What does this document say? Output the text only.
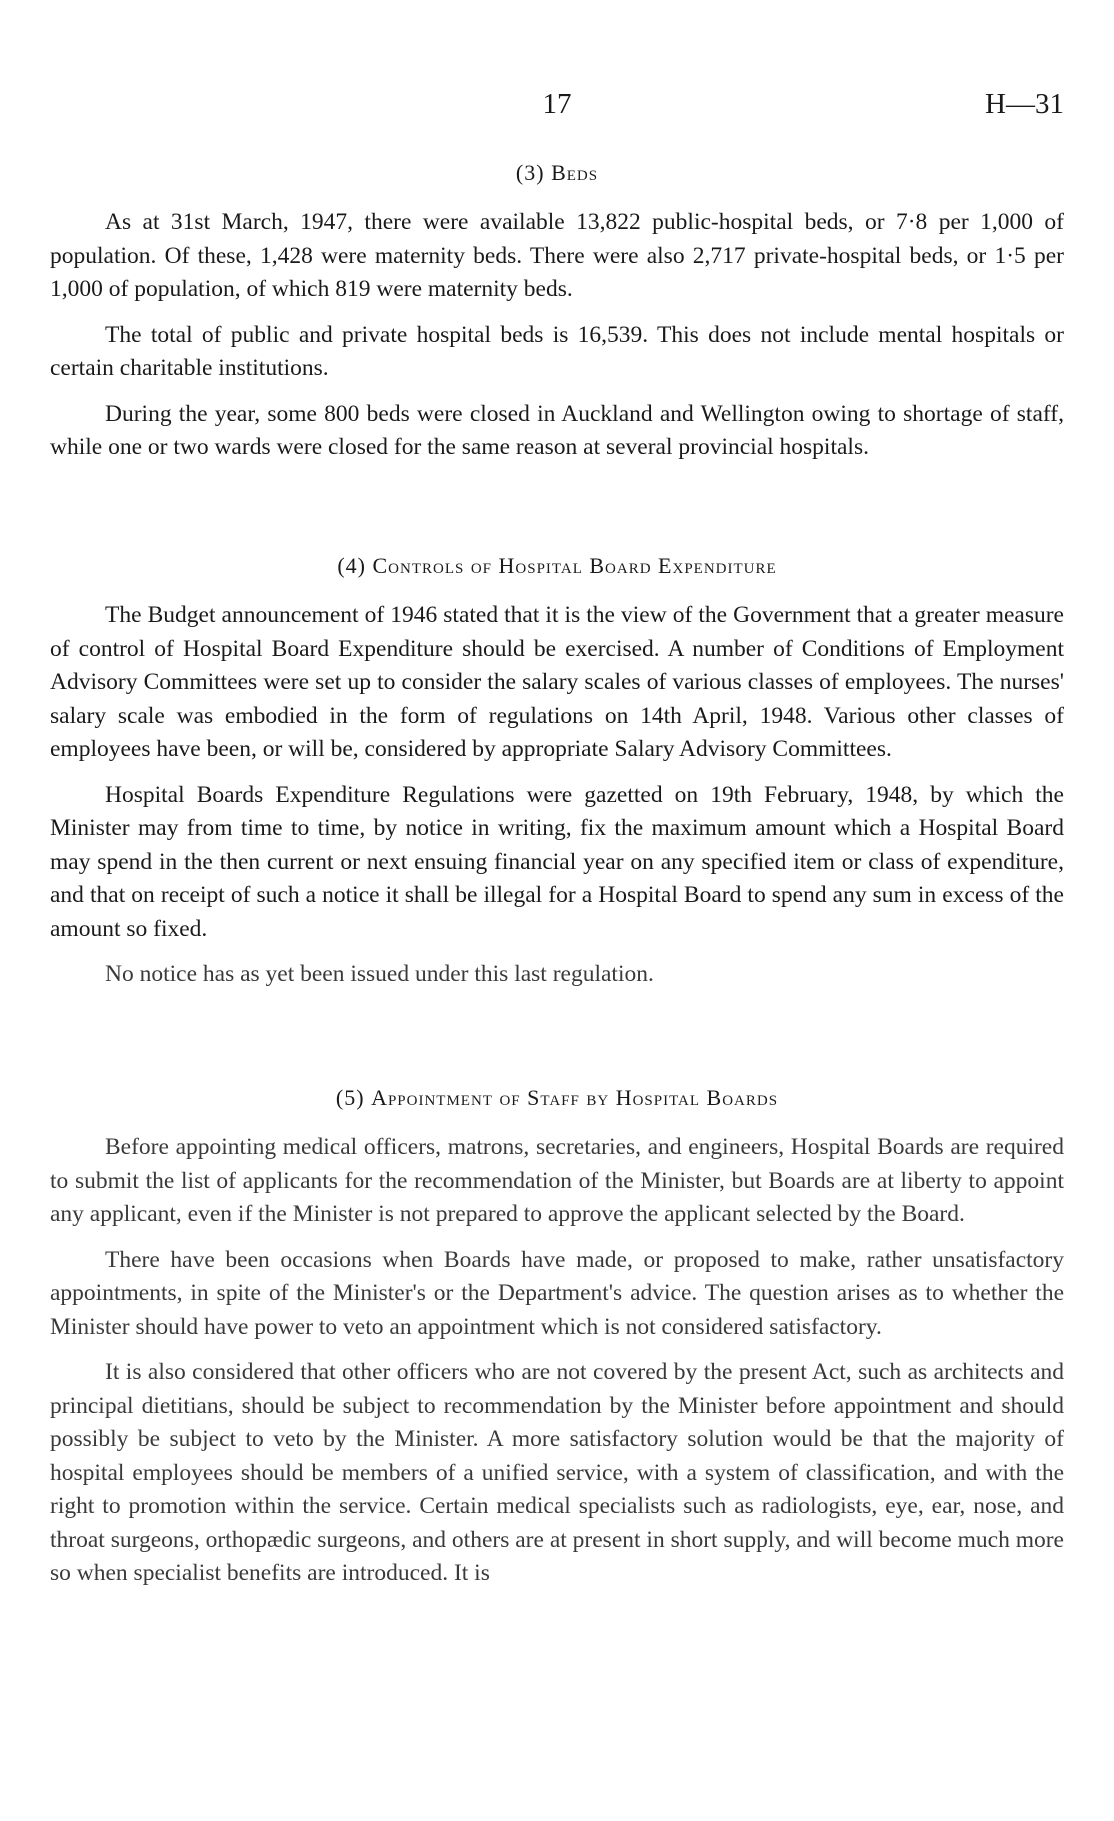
17	H—31
(3) Beds

As at 31st March, 1947, there were available 13,822 public-hospital beds, or 7·8 per 1,000 of population. Of these, 1,428 were maternity beds. There were also 2,717 private-hospital beds, or 1·5 per 1,000 of population, of which 819 were maternity beds.

The total of public and private hospital beds is 16,539. This does not include mental hospitals or certain charitable institutions.

During the year, some 800 beds were closed in Auckland and Wellington owing to shortage of staff, while one or two wards were closed for the same reason at several provincial hospitals.

(4) Controls of Hospital Board Expenditure

The Budget announcement of 1946 stated that it is the view of the Government that a greater measure of control of Hospital Board Expenditure should be exercised. A number of Conditions of Employment Advisory Committees were set up to consider the salary scales of various classes of employees. The nurses' salary scale was embodied in the form of regulations on 14th April, 1948. Various other classes of employees have been, or will be, considered by appropriate Salary Advisory Committees.

Hospital Boards Expenditure Regulations were gazetted on 19th February, 1948, by which the Minister may from time to time, by notice in writing, fix the maximum amount which a Hospital Board may spend in the then current or next ensuing financial year on any specified item or class of expenditure, and that on receipt of such a notice it shall be illegal for a Hospital Board to spend any sum in excess of the amount so fixed.

No notice has as yet been issued under this last regulation.

(5) Appointment of Staff by Hospital Boards

Before appointing medical officers, matrons, secretaries, and engineers, Hospital Boards are required to submit the list of applicants for the recommendation of the Minister, but Boards are at liberty to appoint any applicant, even if the Minister is not prepared to approve the applicant selected by the Board.

There have been occasions when Boards have made, or proposed to make, rather unsatisfactory appointments, in spite of the Minister's or the Department's advice. The question arises as to whether the Minister should have power to veto an appointment which is not considered satisfactory.

It is also considered that other officers who are not covered by the present Act, such as architects and principal dietitians, should be subject to recommendation by the Minister before appointment and should possibly be subject to veto by the Minister. A more satisfactory solution would be that the majority of hospital employees should be members of a unified service, with a system of classification, and with the right to promotion within the service. Certain medical specialists such as radiologists, eye, ear, nose, and throat surgeons, orthopædic surgeons, and others are at present in short supply, and will become much more so when specialist benefits are introduced. It is
